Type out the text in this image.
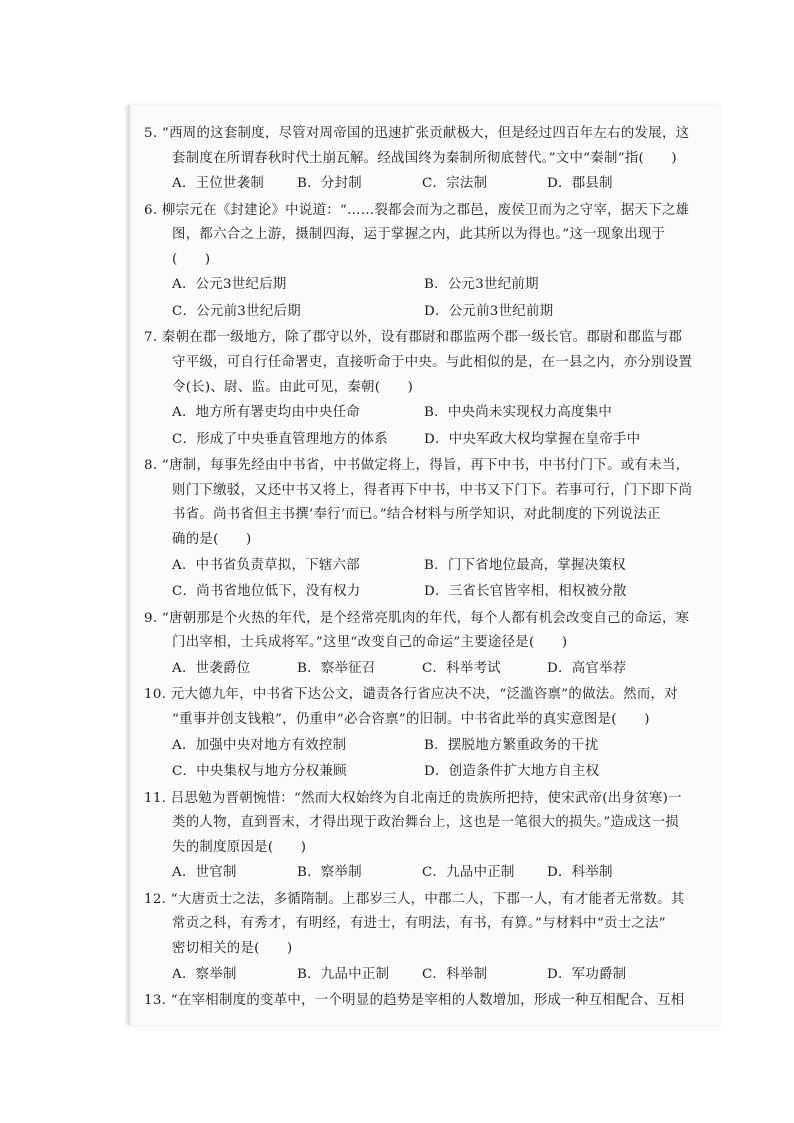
5. “西周的这套制度，尽管对周帝国的迅速扩张贡献极大，但是经过四百年左右的发展，这
套制度在所谓春秋时代土崩瓦解。经战国终为秦制所彻底替代。”文中“秦制”指(　　)
A．王位世袭制	B．分封制	C．宗法制	D．郡县制
6. 柳宗元在《封建论》中说道：“……裂都会而为之郡邑，废侯卫而为之守宰，据天下之雄
图，都六合之上游，摄制四海，运于掌握之内，此其所以为得也。”这一现象出现于
(　　)
A．公元3世纪后期	B．公元3世纪前期
C．公元前3世纪后期	D．公元前3世纪前期
7. 秦朝在郡一级地方，除了郡守以外，设有郡尉和郡监两个郡一级长官。郡尉和郡监与郡
守平级，可自行任命署吏，直接听命于中央。与此相似的是，在一县之内，亦分别设置
令(长)、尉、监。由此可见，秦朝(　　)
A．地方所有署吏均由中央任命	B．中央尚未实现权力高度集中
C．形成了中央垂直管理地方的体系	D．中央军政大权均掌握在皇帝手中
8. “唐制，每事先经由中书省，中书做定将上，得旨，再下中书，中书付门下。或有未当，
则门下缴驳，又还中书又将上，得者再下中书，中书又下门下。若事可行，门下即下尚
书省。尚书省但主书撰‘奉行’而已。”结合材料与所学知识，对此制度的下列说法正
确的是(　　)
A．中书省负责草拟，下辖六部	B．门下省地位最高，掌握决策权
C．尚书省地位低下，没有权力	D．三省长官皆宰相，相权被分散
9. “唐朝那是个火热的年代，是个经常亮肌肉的年代，每个人都有机会改变自己的命运，寒
门出宰相，士兵成将军。”这里“改变自己的命运”主要途径是(　　)
A．世袭爵位	B．察举征召	C．科举考试	D．高官举荐
10. 元大德九年，中书省下达公文，谴责各行省应决不决，“泛滥咨禀”的做法。然而，对
“重事并创支钱粮”，仍重申“必合咨禀”的旧制。中书省此举的真实意图是(　　)
A．加强中央对地方有效控制	B．摆脱地方繁重政务的干扰
C．中央集权与地方分权兼顾	D．创造条件扩大地方自主权
11. 吕思勉为晋朝惋惜：“然而大权始终为自北南迁的贵族所把持，使宋武帝(出身贫寒)一
类的人物，直到晋末，才得出现于政治舞台上，这也是一笔很大的损失。”造成这一损
失的制度原因是(　　)
A．世官制	B．察举制	C．九品中正制	D．科举制
12. “大唐贡士之法，多循隋制。上郡岁三人，中郡二人，下郡一人，有才能者无常数。其
常贡之科，有秀才，有明经，有进士，有明法，有书，有算。”与材料中“贡士之法”
密切相关的是(　　)
A．察举制	B．九品中正制	C．科举制	D．军功爵制
13. “在宰相制度的变革中，一个明显的趋势是宰相的人数增加，形成一种互相配合、互相
